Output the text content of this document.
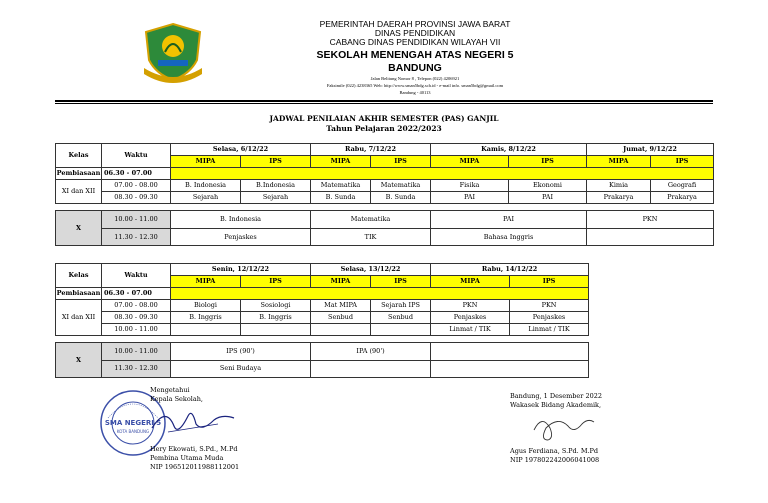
PEMERINTAH DAERAH PROVINSI JAWA BARAT
DINAS PENDIDIKAN
CABANG DINAS PENDIDIKAN WILAYAH VII
SEKOLAH MENENGAH ATAS NEGERI 5
BANDUNG
Jalan Belitung Nomor 8 , Telepon (022) 4206921
Faksimile (022) 4238365 Web: http://www.sman5bdg.sch.id - e-mail info. sman5bdg@gmail.com
Bandung - 40113
JADWAL PENILAIAN AKHIR SEMESTER (PAS) GANJIL
Tahun Pelajaran 2022/2023
Kelas	Waktu	Selasa, 6/12/22		Rabu, 7/12/22		Kamis, 8/12/22		Jumat, 9/12/22	
		MIPA	IPS	MIPA	IPS	MIPA	IPS	MIPA	IPS
Pembiasaan	06.30 - 07.00								
XI dan XII	07.00 - 08.00	B. Indonesia	B.Indonesia	Matematika	Matematika	Fisika	Ekonomi	Kimia	Geografi
	08.30 - 09.30	Sejarah	Sejarah	B. Sunda	B. Sunda	PAI	PAI	Prakarya	Prakarya

X	10.00 - 11.00	B. Indonesia		Matematika		PAI		PKN	
	11.30 - 12.30	Penjaskes		TIK		Bahasa Inggris			
Kelas	Waktu	Senin, 12/12/22		Selasa, 13/12/22		Rabu, 14/12/22	
		MIPA	IPS	MIPA	IPS	MIPA	IPS
Pembiasaan	06.30 - 07.00						
XI dan XII	07.00 - 08.00	Biologi	Sosiologi	Mat MIPA	Sejarah IPS	PKN	PKN
	08.30 - 09.30	B. Inggris	B. Inggris	Senbud	Senbud	Penjaskes	Penjaskes
	10.00 - 11.00					Linmat / TIK	Linmat / TIK

X	10.00 - 11.00	IPS (90')		IPA (90')			
	11.30 - 12.30	Seni Budaya					
SMA NEGERI 5
KOTA BANDUNG
Mengetahui
Kepala Sekolah,
Hery Ekowati, S.Pd., M.Pd
Pembina Utama Muda
NIP 196512011988112001
Bandung, 1 Desember 2022
Wakasek Bidang Akademik,
Agus Ferdiana, S.Pd. M.Pd
NIP 197802242006041008
